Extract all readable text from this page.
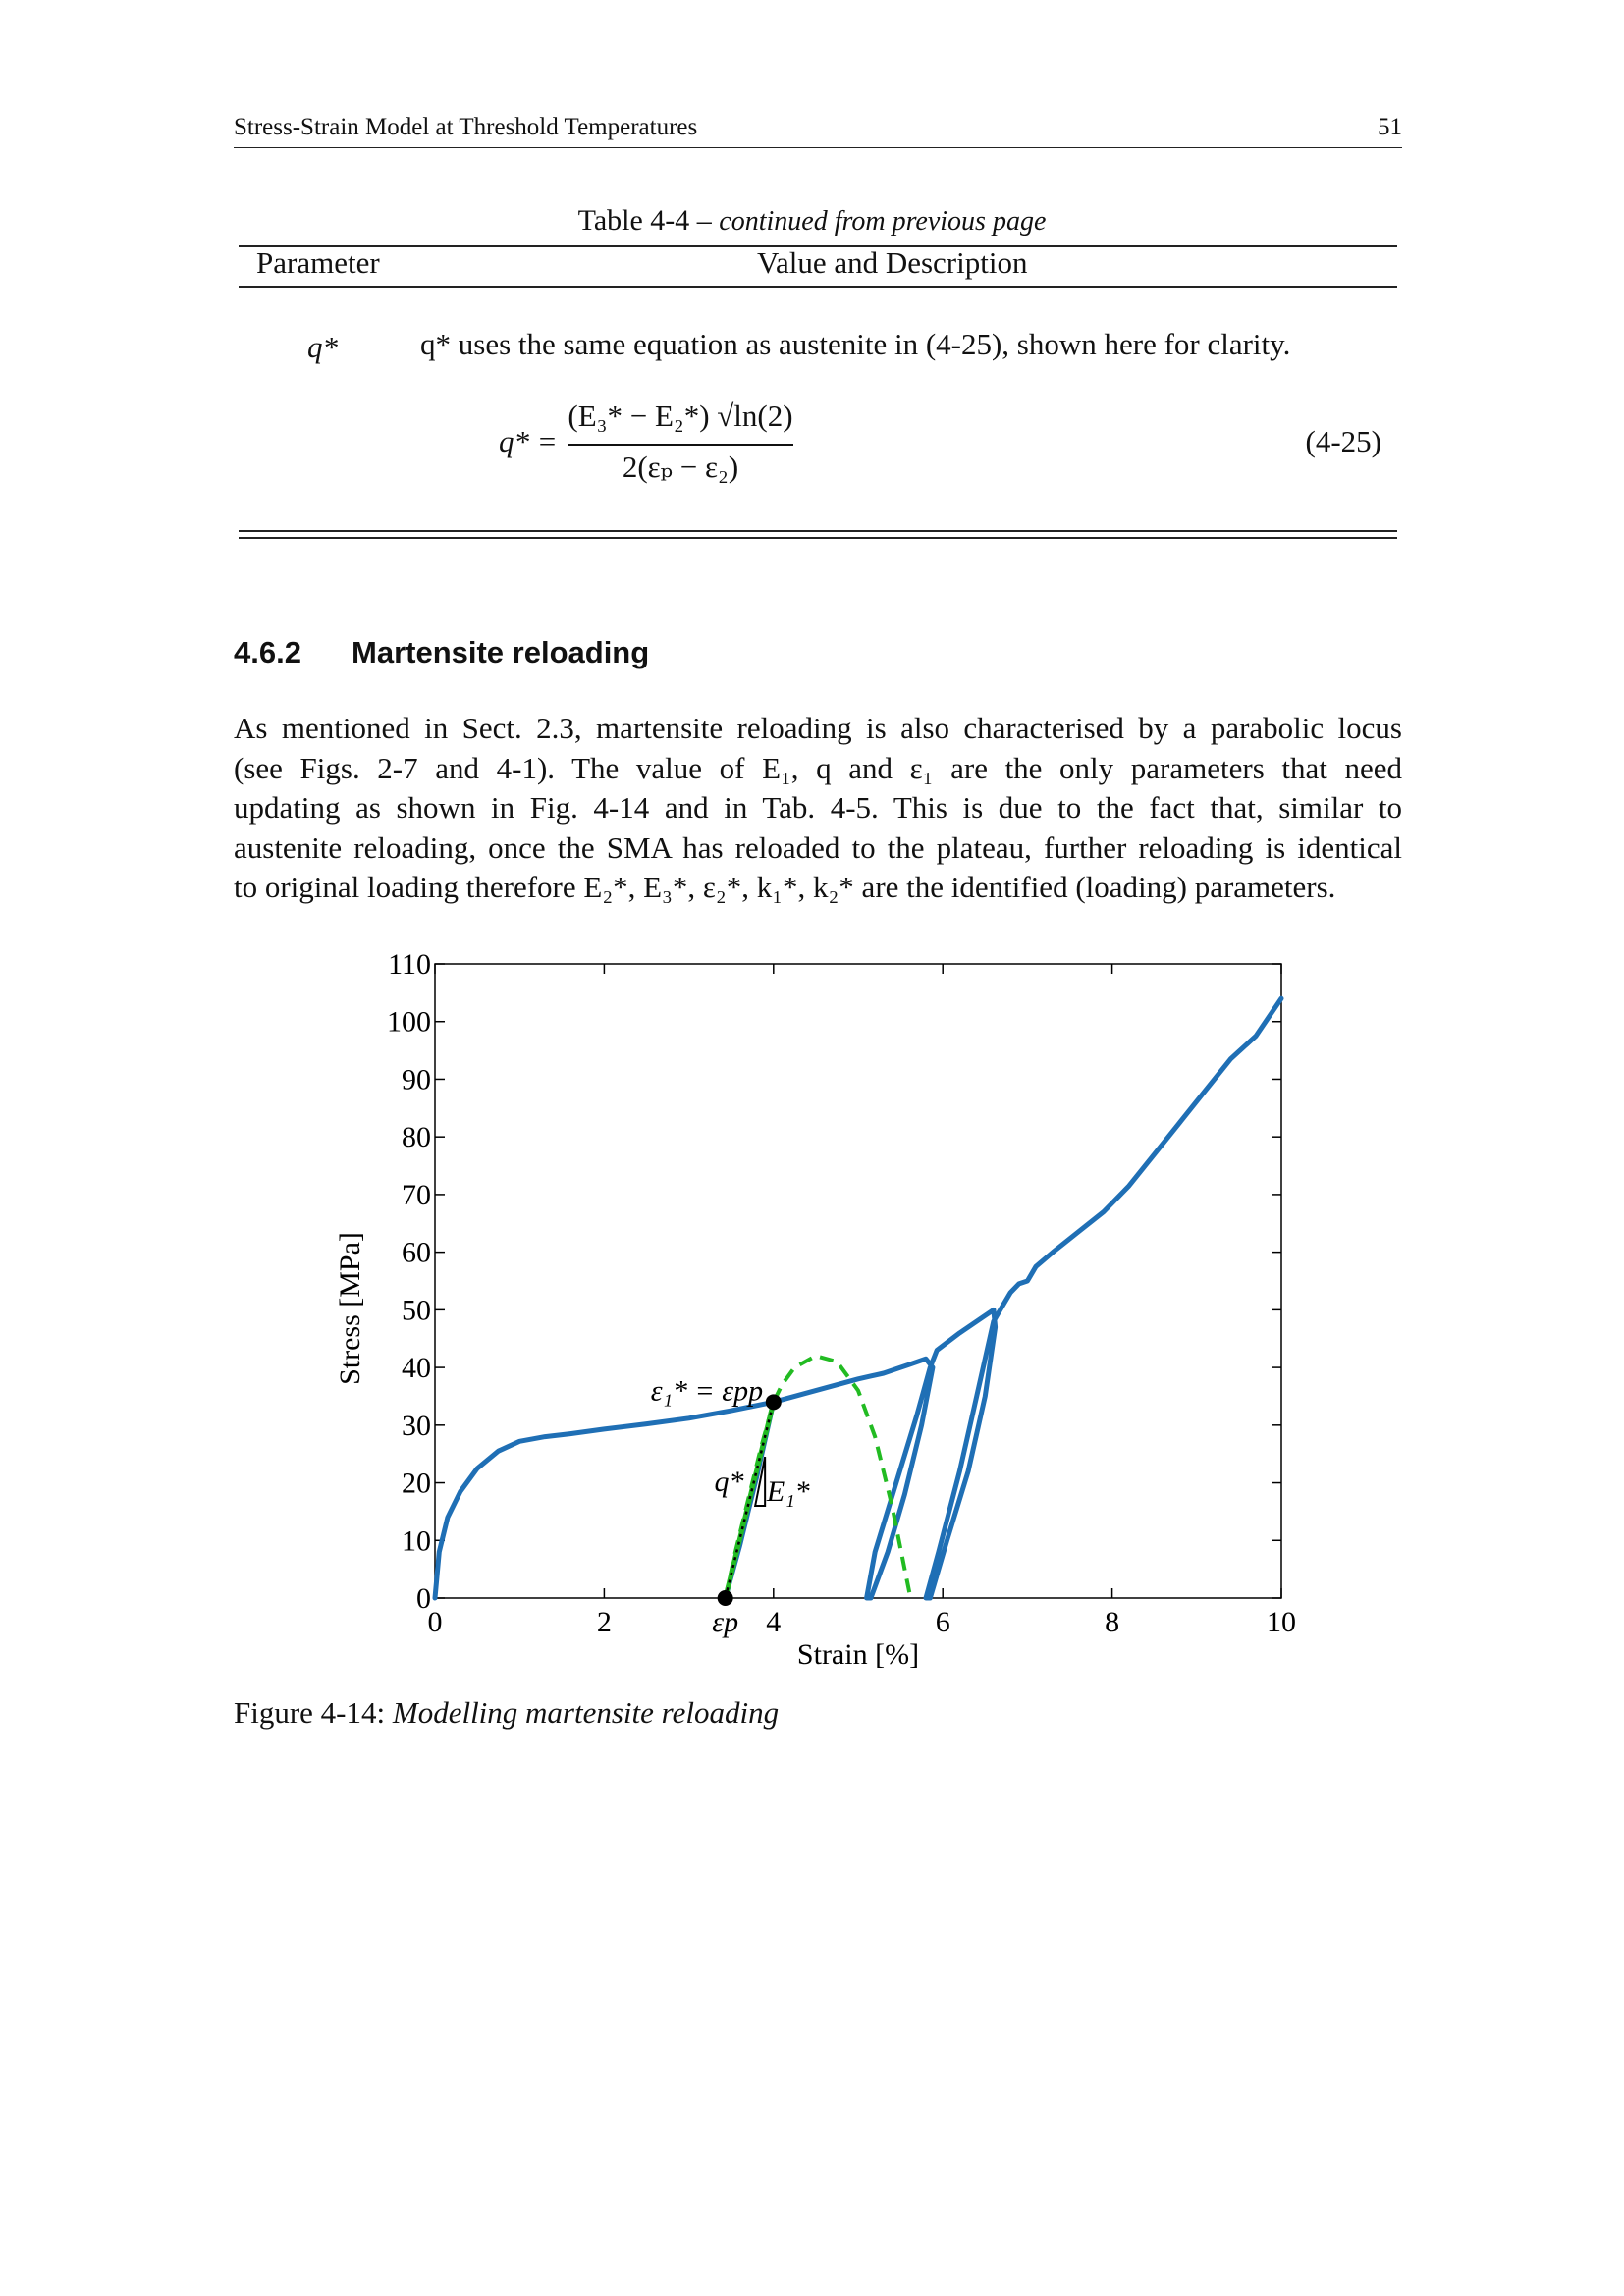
Stress-Strain Model at Threshold Temperatures	51
Table 4-4 – continued from previous page
Parameter	Value and Description
q*	q* uses the same equation as austenite in (4-25), shown here for clarity.
q* =
(E₃* − E₂*) √ln(2)
2(εₚ − ε₂)
(4-25)
4.6.2 Martensite reloading
As mentioned in Sect. 2.3, martensite reloading is also characterised by a parabolic locus
(see Figs. 2-7 and 4-1). The value of E₁, q and ε₁ are the only parameters that need
updating as shown in Fig. 4-14 and in Tab. 4-5. This is due to the fact that, similar to
austenite reloading, once the SMA has reloaded to the plateau, further reloading is identical
to original loading therefore E₂*, E₃*, ε₂*, k₁*, k₂* are the identified (loading) parameters.
0
10
20
30
40
50
60
70
80
90
100
110
0	2	4	6	8	10
εp
Strain [%]
Stress [MPa]
ε₁* = εpp
q* E₁*
Figure 4-14: Modelling martensite reloading
